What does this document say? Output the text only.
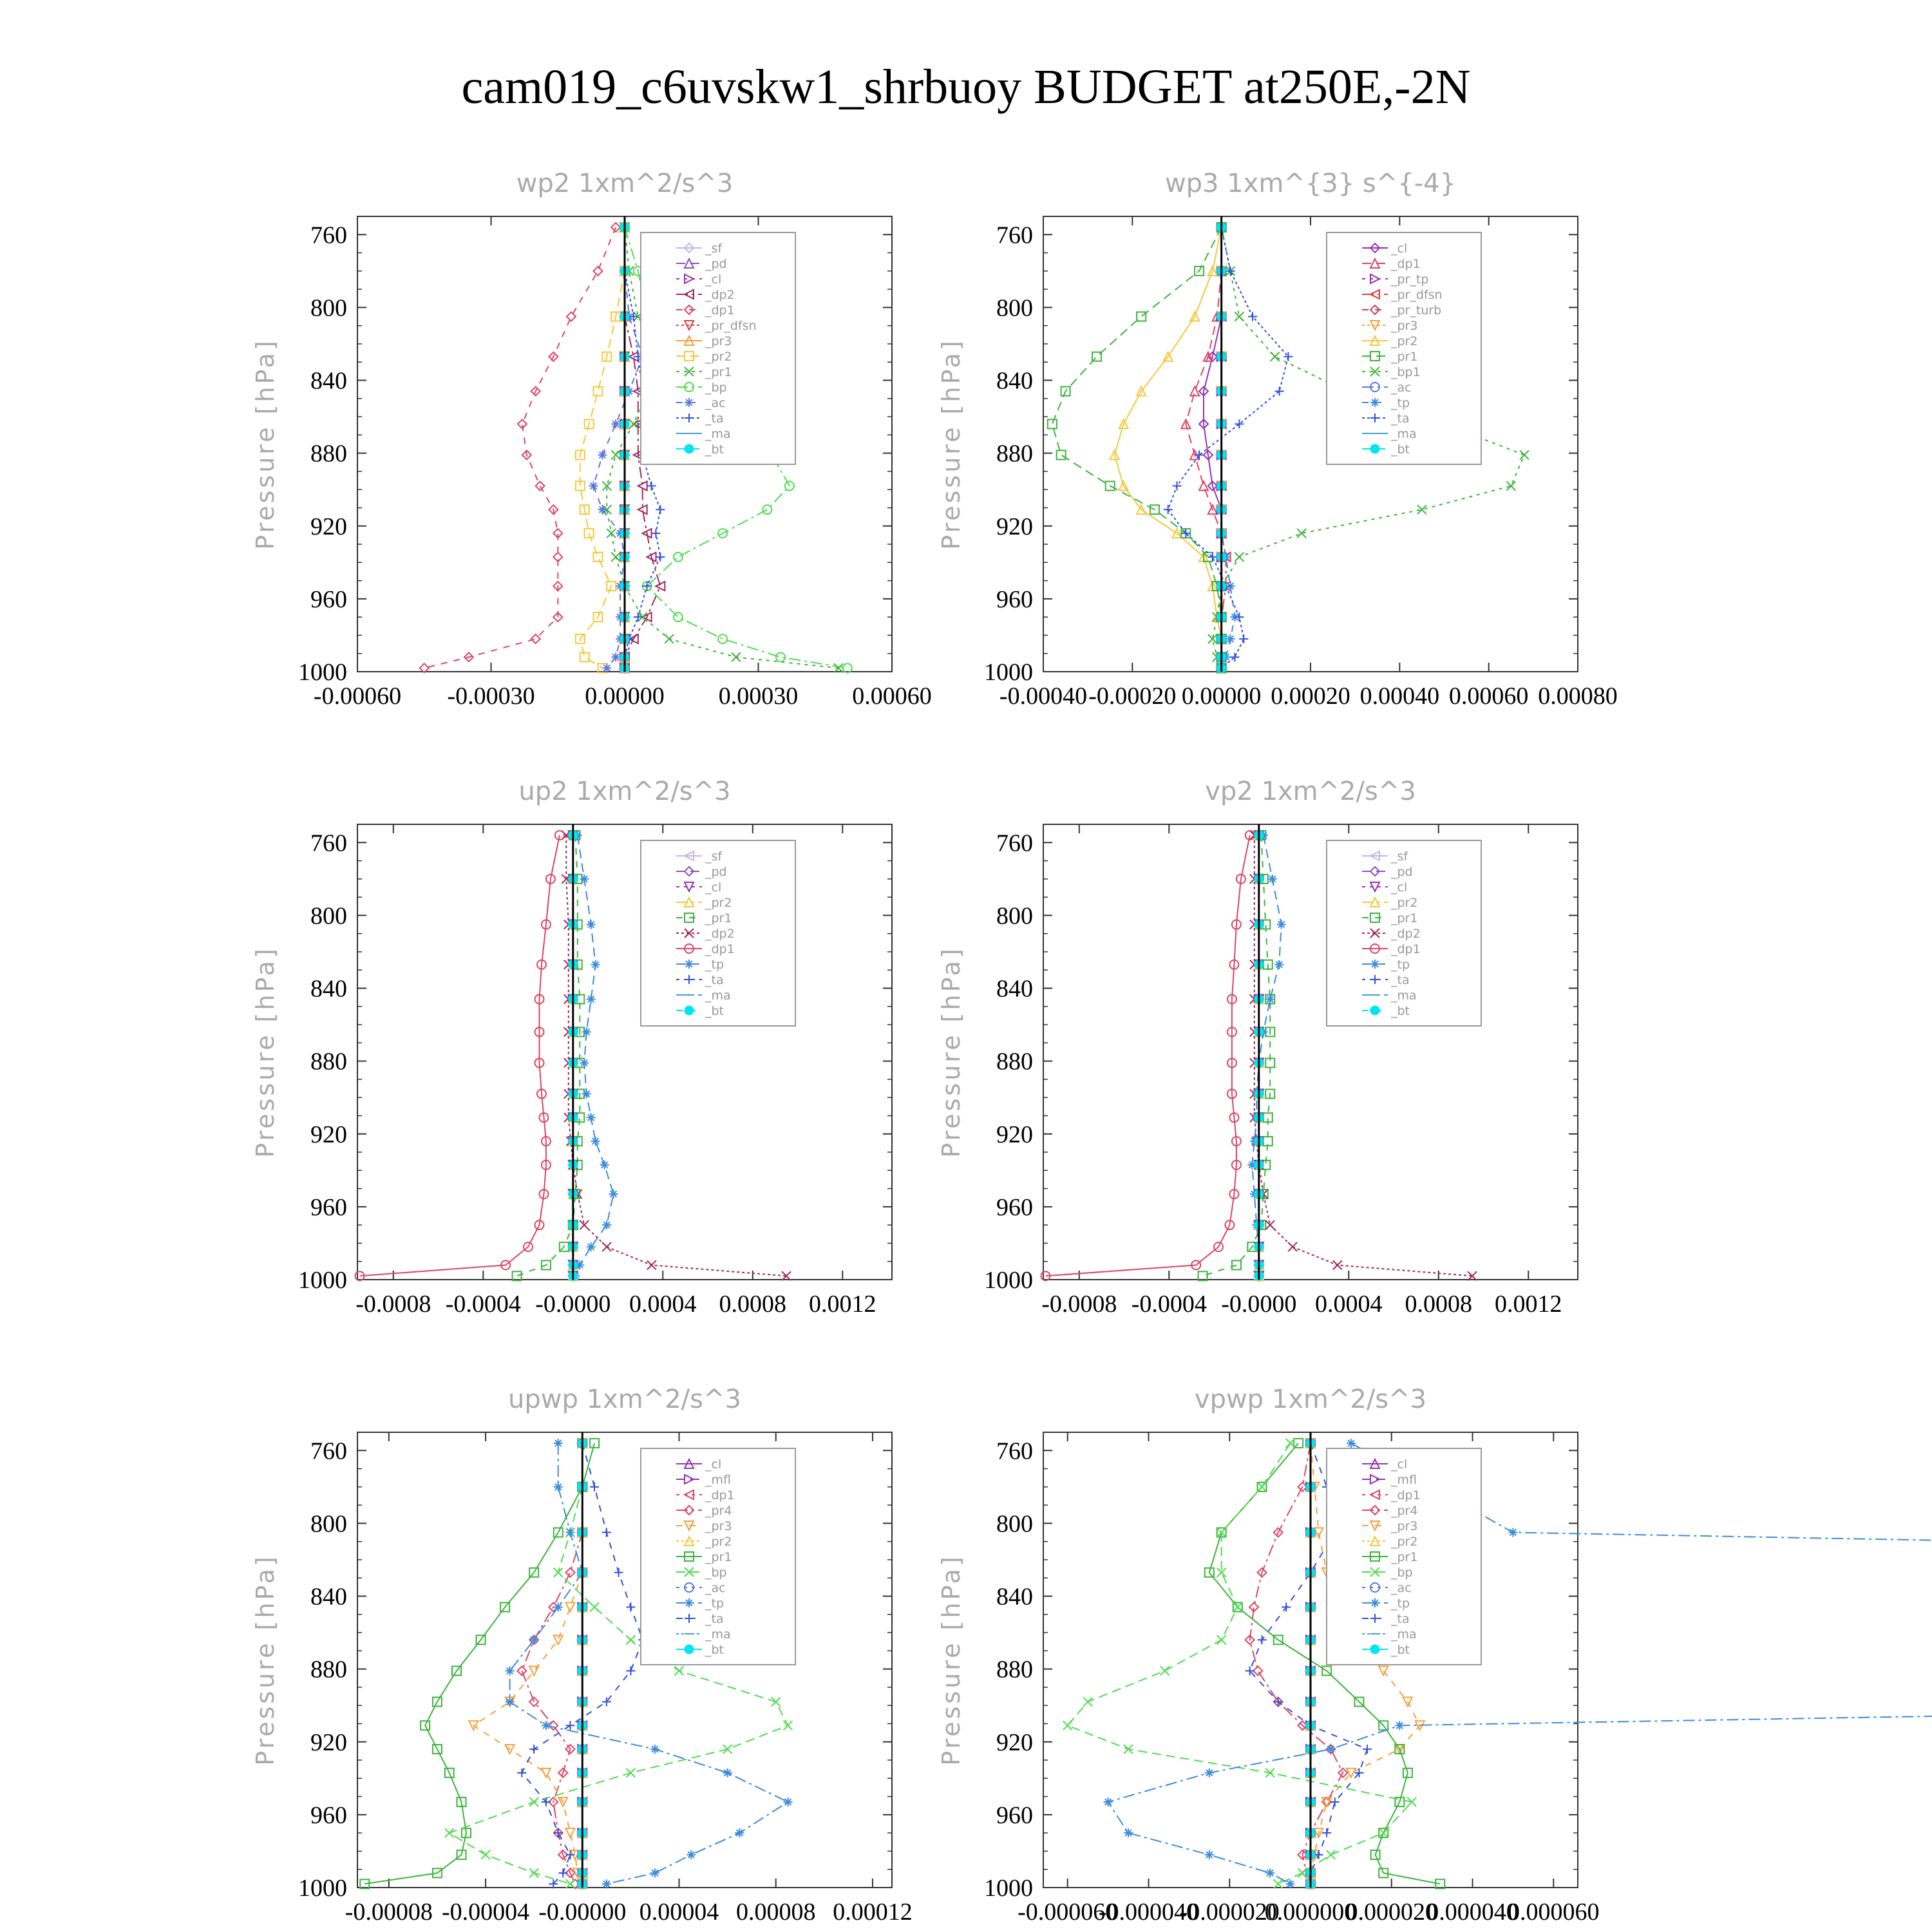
cam019_c6uvskw1_shrbuoy BUDGET at250E,-2N
wp2 1xm^2/s^3
Pressure [hPa]
760
800
840
880
920
960
1000
-0.00060 -0.00030 0.00000 0.00030 0.00060
_sf
_pd
_cl
_dp2
_dp1
_pr_dfsn
_pr3
_pr2
_pr1
_bp
_ac
_ta
_ma
_bt
wp3 1xm^{3} s^{-4}
Pressure [hPa]
760
800
840
880
920
960
1000
-0.00040 -0.00020 0.00000 0.00020 0.00040 0.00060 0.00080
_cl
_dp1
_pr_tp
_pr_dfsn
_pr_turb
_pr3
_pr2
_pr1
_bp1
_ac
_tp
_ta
_ma
_bt
up2 1xm^2/s^3
Pressure [hPa]
760
800
840
880
920
960
1000
-0.0008 -0.0004 -0.0000 0.0004 0.0008 0.0012
_sf
_pd
_cl
_pr2
_pr1
_dp2
_dp1
_tp
_ta
_ma
_bt
vp2 1xm^2/s^3
Pressure [hPa]
760
800
840
880
920
960
1000
-0.0008 -0.0004 -0.0000 0.0004 0.0008 0.0012
_sf
_pd
_cl
_pr2
_pr1
_dp2
_dp1
_tp
_ta
_ma
_bt
upwp 1xm^2/s^3
Pressure [hPa]
760
800
840
880
920
960
1000
-0.00008 -0.00004 -0.00000 0.00004 0.00008 0.00012
_cl
_mfl
_dp1
_pr4
_pr3
_pr2
_pr1
_bp
_ac
_tp
_ta
_ma
_bt
vpwp 1xm^2/s^3
Pressure [hPa]
760
800
840
880
920
960
1000
-0.000060
-0.000040
-0.000020
0.000000
0.000020
0.000040
0.000060
_cl
_mfl
_dp1
_pr4
_pr3
_pr2
_pr1
_bp
_ac
_tp
_ta
_ma
_bt
